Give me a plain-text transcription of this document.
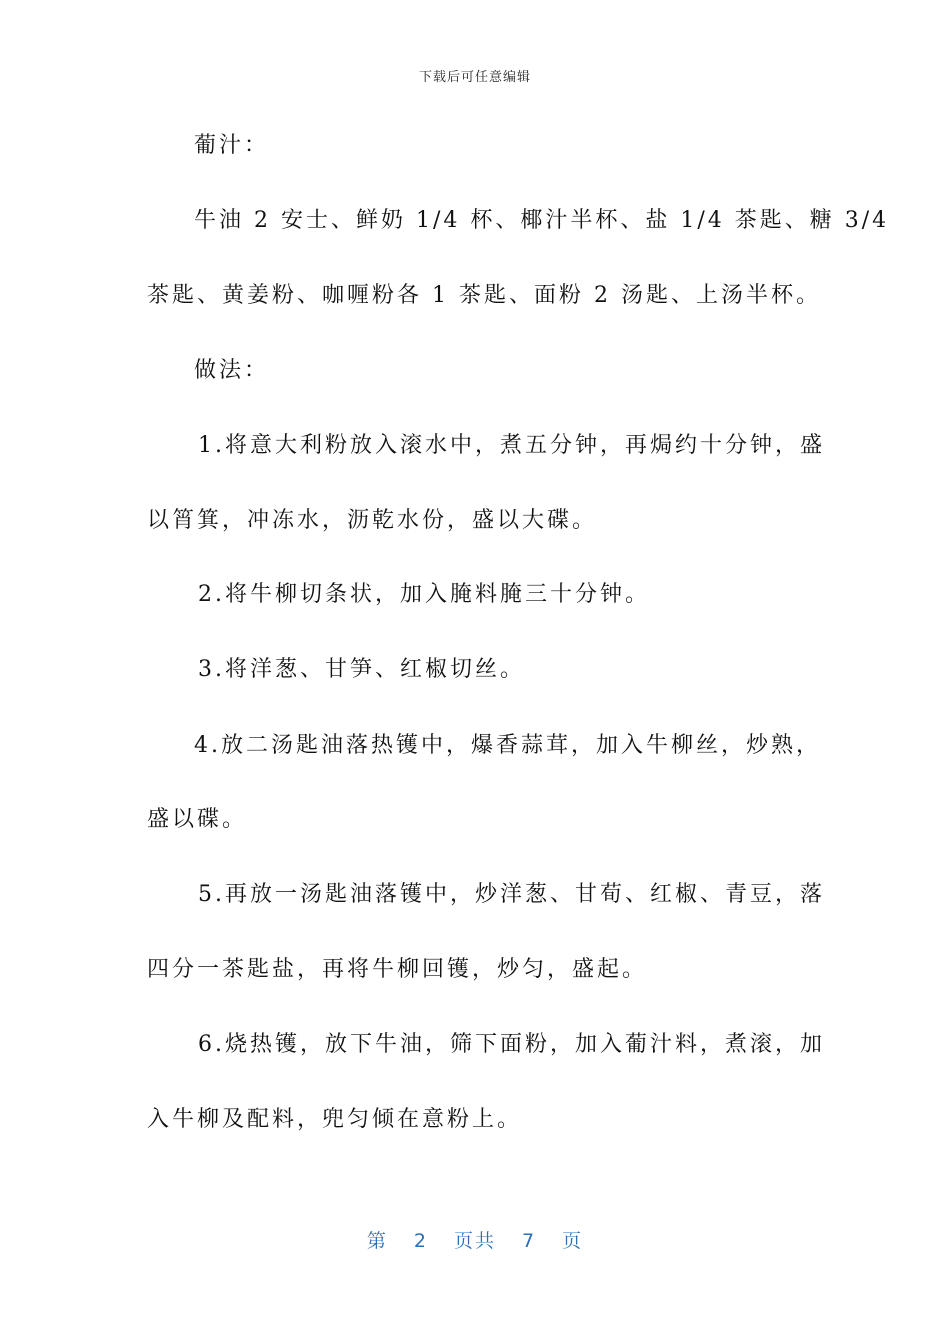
下载后可任意编辑
葡汁：
牛油 2 安士、鲜奶 1/4 杯、椰汁半杯、盐 1/4 茶匙、糖 3/4
茶匙、黄姜粉、咖喱粉各 1 茶匙、面粉 2 汤匙、上汤半杯。
做法：
1.将意大利粉放入滚水中，煮五分钟，再焗约十分钟，盛
以筲箕，冲冻水，沥乾水份，盛以大碟。
2.将牛柳切条状，加入腌料腌三十分钟。
3.将洋葱、甘笋、红椒切丝。
4.放二汤匙油落热镬中，爆香蒜茸，加入牛柳丝，炒熟，
盛以碟。
5.再放一汤匙油落镬中，炒洋葱、甘荀、红椒、青豆，落
四分一茶匙盐，再将牛柳回镬，炒匀，盛起。
6.烧热镬，放下牛油，筛下面粉，加入葡汁料，煮滚，加
入牛柳及配料，兜匀倾在意粉上。
第 2 页共 7 页
